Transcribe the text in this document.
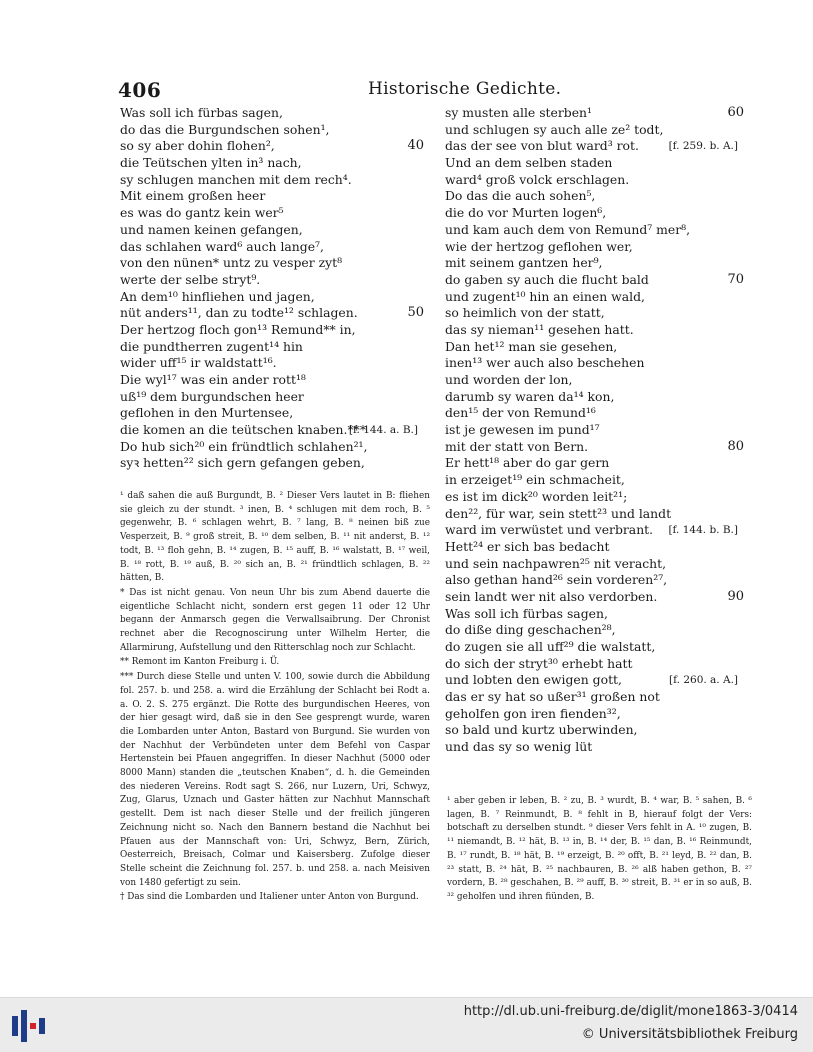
406	Historische Gedichte.
Was soll ich fürbas sagen,
do das die Burgundschen sohen¹,
so sy aber dohin flohen²,	40
die Teütschen ylten in³ nach,
sy schlugen manchen mit dem rech⁴.
Mit einem großen heer
es was do gantz kein wer⁵
und namen keinen gefangen,
das schlahen ward⁶ auch lange⁷,
von den nünen* untz zu vesper zyt⁸
werte der selbe stryt⁹.
An dem¹⁰ hinfliehen und jagen,
nüt anders¹¹, dan zu todte¹² schlagen.	50
Der hertzog floch gon¹³ Remund** in,
die pundtherren zugent¹⁴ hin
wider uff¹⁵ ir waldstatt¹⁶.
Die wyl¹⁷ was ein ander rott¹⁸
uß¹⁹ dem burgundschen heer
geflohen in den Murtensee,
die komen an die teütschen knaben.***
[f. 144. a. B.]
Do hub sich²⁰ ein fründtlich schlahen²¹,
syꝛ hetten²² sich gern gefangen geben,
sy musten alle sterben¹	60
und schlugen sy auch alle ze² todt,
das der see von blut ward³ rot.	[f. 259. b. A.]
Und an dem selben staden
ward⁴ groß volck erschlagen.
Do das die auch sohen⁵,
die do vor Murten logen⁶,
und kam auch dem von Remund⁷ mer⁸,
wie der hertzog geflohen wer,
mit seinem gantzen her⁹,
do gaben sy auch die flucht bald	70
und zugent¹⁰ hin an einen wald,
so heimlich von der statt,
das sy nieman¹¹ gesehen hatt.
Dan het¹² man sie gesehen,
inen¹³ wer auch also beschehen
und worden der lon,
darumb sy waren da¹⁴ kon,
den¹⁵ der von Remund¹⁶
ist je gewesen im pund¹⁷
mit der statt von Bern.	80
Er hett¹⁸ aber do gar gern
in erzeiget¹⁹ ein schmacheit,
es ist im dick²⁰ worden leit²¹;
den²², für war, sein stett²³ und landt
ward im verwüstet und verbrant. [f. 144. b. B.]
Hett²⁴ er sich bas bedacht
und sein nachpawren²⁵ nit veracht,
also gethan hand²⁶ sein vorderen²⁷,
sein landt wer nit also verdorben.	90
Was soll ich fürbas sagen,
do diße ding geschachen²⁸,
do zugen sie all uff²⁹ die walstatt,
do sich der stryt³⁰ erhebt hatt
und lobten den ewigen gott,	[f. 260. a. A.]
das er sy hat so ußer³¹ großen not
geholfen gon iren fienden³²,
so bald und kurtz uberwinden,
und das sy so wenig lüt

¹ daß sahen die auß Burgundt, B. ² Dieser Vers lautet in B: fliehen sie gleich zu der stundt. ³ inen, B. ⁴ schlugen mit dem roch, B. ⁵ gegenwehr, B. ⁶ schlagen wehrt, B. ⁷ lang, B. ⁸ neinen biß zue Vesperzeit, B. ⁹ groß streit, B. ¹⁰ dem selben, B. ¹¹ nit anderst, B. ¹² todt, B. ¹³ floh gehn, B. ¹⁴ zugen, B. ¹⁵ auff, B. ¹⁶ walstatt, B. ¹⁷ weil, B. ¹⁸ rott, B. ¹⁹ auß, B. ²⁰ sich an, B. ²¹ fründtlich schlagen, B. ²² hätten, B.

* Das ist nicht genau. Von neun Uhr bis zum Abend dauerte die eigentliche Schlacht nicht, sondern erst gegen 11 oder 12 Uhr begann der Anmarsch gegen die Verwallsaibrung. Der Chronist rechnet aber die Recognoscirung unter Wilhelm Herter, die Allarmirung, Aufstellung und den Ritterschlag noch zur Schlacht.

** Remont im Kanton Freiburg i. Ü.

*** Durch diese Stelle und unten V. 100, sowie durch die Abbildung fol. 257. b. und 258. a. wird die Erzählung der Schlacht bei Rodt a. a. O. 2. S. 275 ergänzt. Die Rotte des burgundischen Heeres, von der hier gesagt wird, daß sie in den See gesprengt wurde, waren die Lombarden unter Anton, Bastard von Burgund. Sie wurden von der Nachhut der Verbündeten unter dem Befehl von Caspar Hertenstein bei Pfauen angegriffen. In dieser Nachhut (5000 oder 8000 Mann) standen die „teutschen Knaben“, d. h. die Gemeinden des niederen Vereins. Rodt sagt S. 266, nur Luzern, Uri, Schwyz, Zug, Glarus, Uznach und Gaster hätten zur Nachhut Mannschaft gestellt. Dem ist nach dieser Stelle und der freilich jüngeren Zeichnung nicht so. Nach den Bannern bestand die Nachhut bei Pfauen aus der Mannschaft von: Uri, Schwyz, Bern, Zürich, Oesterreich, Breisach, Colmar und Kaisersberg. Zufolge dieser Stelle scheint die Zeichnung fol. 257. b. und 258. a. nach Meisiven von 1480 gefertigt zu sein.

† Das sind die Lombarden und Italiener unter Anton von Burgund.

¹ aber geben ir leben, B. ² zu, B. ³ wurdt, B. ⁴ war, B. ⁵ sahen, B. ⁶ lagen, B. ⁷ Reinmundt, B. ⁸ fehlt in B, hierauf folgt der Vers: botschaft zu derselben stundt. ⁹ dieser Vers fehlt in A. ¹⁰ zugen, B. ¹¹ niemandt, B. ¹² hät, B. ¹³ in, B. ¹⁴ der, B. ¹⁵ dan, B. ¹⁶ Reinmundt, B. ¹⁷ rundt, B. ¹⁸ hät, B. ¹⁹ erzeigt, B. ²⁰ offt, B. ²¹ leyd, B. ²² dan, B. ²³ statt, B. ²⁴ hät, B. ²⁵ nachbauren, B. ²⁶ alß haben gethon, B. ²⁷ vordern, B. ²⁸ geschahen, B. ²⁹ auff, B. ³⁰ streit, B. ³¹ er in so auß, B. ³² geholfen und ihren fiünden, B.

http://dl.ub.uni-freiburg.de/diglit/mone1863-3/0414
© Universitätsbibliothek Freiburg
